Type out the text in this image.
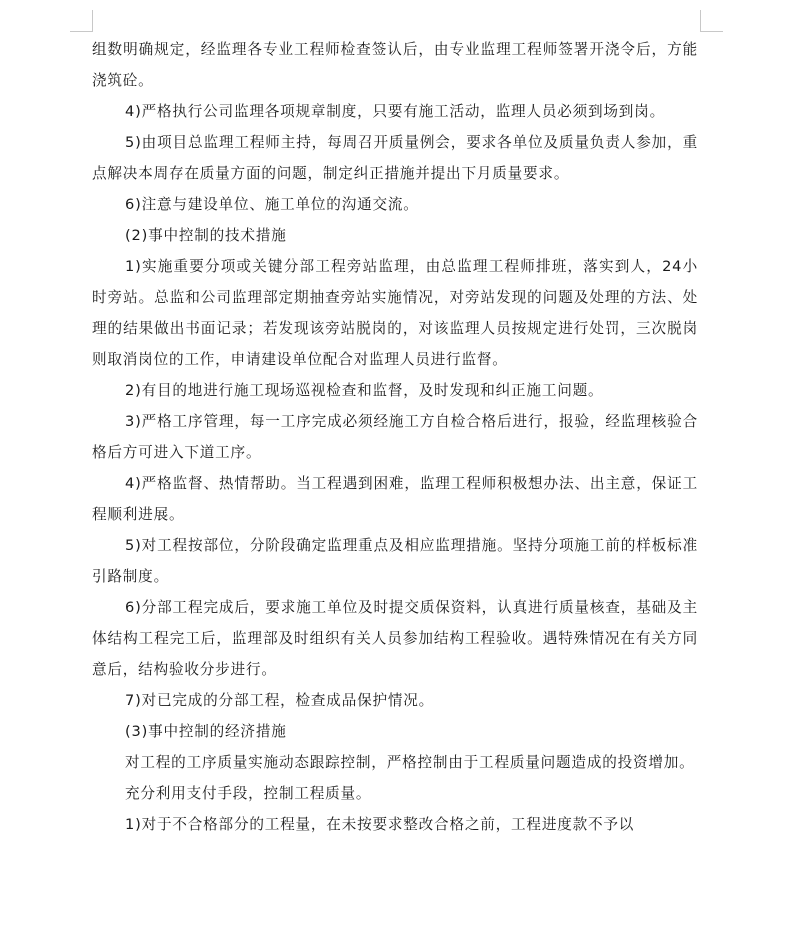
组数明确规定，经监理各专业工程师检查签认后，由专业监理工程师签署开浇令后，方能浇筑砼。

4)严格执行公司监理各项规章制度，只要有施工活动，监理人员必须到场到岗。

5)由项目总监理工程师主持，每周召开质量例会，要求各单位及质量负责人参加，重点解决本周存在质量方面的问题，制定纠正措施并提出下月质量要求。

6)注意与建设单位、施工单位的沟通交流。

(2)事中控制的技术措施

1)实施重要分项或关键分部工程旁站监理，由总监理工程师排班，落实到人，24小时旁站。总监和公司监理部定期抽查旁站实施情况，对旁站发现的问题及处理的方法、处理的结果做出书面记录；若发现该旁站脱岗的，对该监理人员按规定进行处罚，三次脱岗则取消岗位的工作，申请建设单位配合对监理人员进行监督。

2)有目的地进行施工现场巡视检查和监督，及时发现和纠正施工问题。

3)严格工序管理，每一工序完成必须经施工方自检合格后进行，报验，经监理核验合格后方可进入下道工序。

4)严格监督、热情帮助。当工程遇到困难，监理工程师积极想办法、出主意，保证工程顺利进展。

5)对工程按部位，分阶段确定监理重点及相应监理措施。坚持分项施工前的样板标准引路制度。

6)分部工程完成后，要求施工单位及时提交质保资料，认真进行质量核查，基础及主体结构工程完工后，监理部及时组织有关人员参加结构工程验收。遇特殊情况在有关方同意后，结构验收分步进行。

7)对已完成的分部工程，检查成品保护情况。

(3)事中控制的经济措施

对工程的工序质量实施动态跟踪控制，严格控制由于工程质量问题造成的投资增加。

充分利用支付手段，控制工程质量。

1)对于不合格部分的工程量，在未按要求整改合格之前，工程进度款不予以
